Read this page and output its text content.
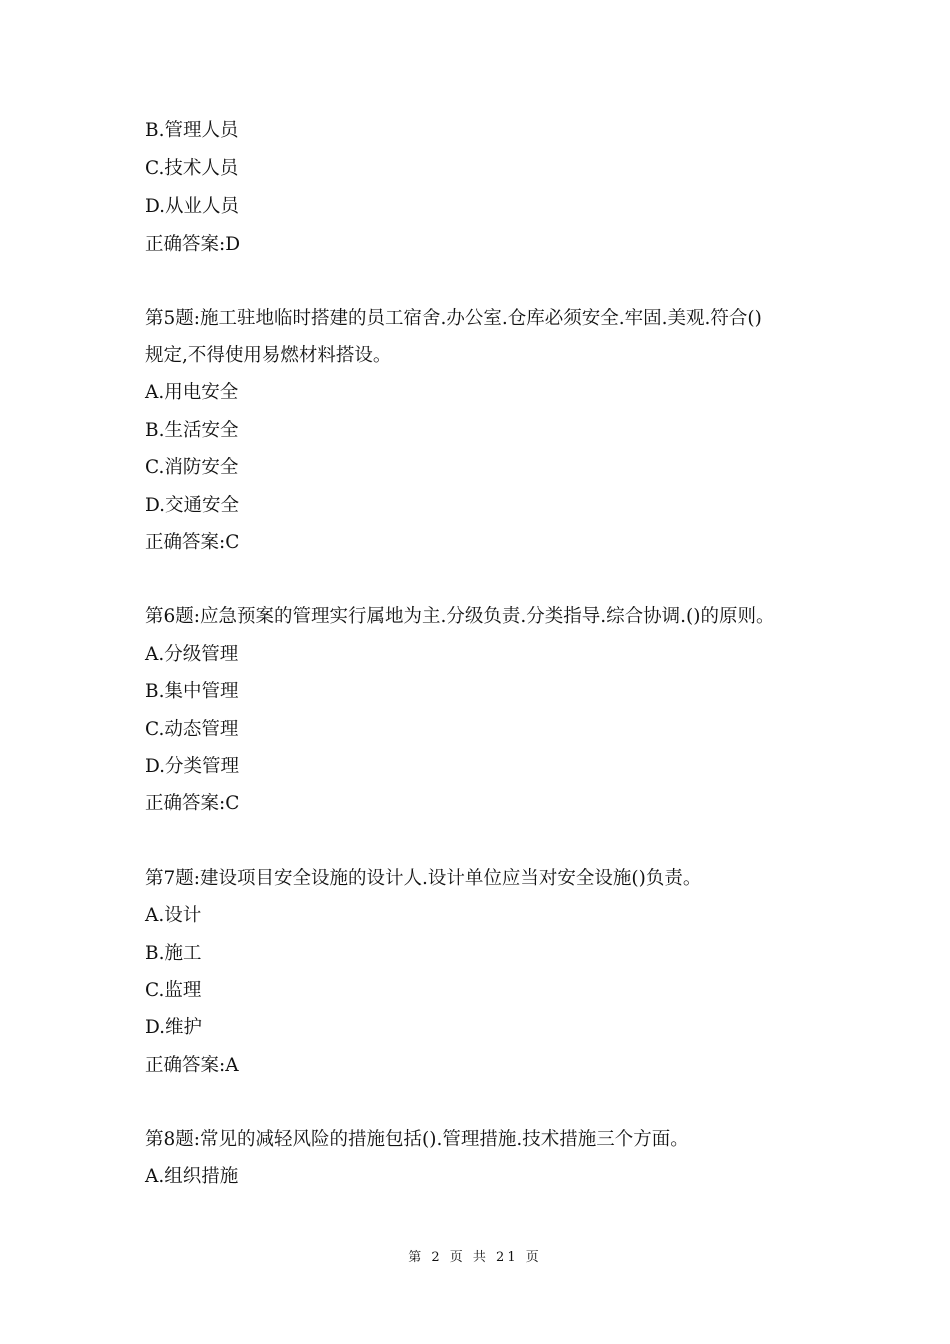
B.管理人员
C.技术人员
D.从业人员
正确答案:D
第5题:施工驻地临时搭建的员工宿舍.办公室.仓库必须安全.牢固.美观.符合()
规定,不得使用易燃材料搭设。
A.用电安全
B.生活安全
C.消防安全
D.交通安全
正确答案:C
第6题:应急预案的管理实行属地为主.分级负责.分类指导.综合协调.()的原则。
A.分级管理
B.集中管理
C.动态管理
D.分类管理
正确答案:C
第7题:建设项目安全设施的设计人.设计单位应当对安全设施()负责。
A.设计
B.施工
C.监理
D.维护
正确答案:A
第8题:常见的减轻风险的措施包括().管理措施.技术措施三个方面。
A.组织措施
第 2 页 共 21 页
